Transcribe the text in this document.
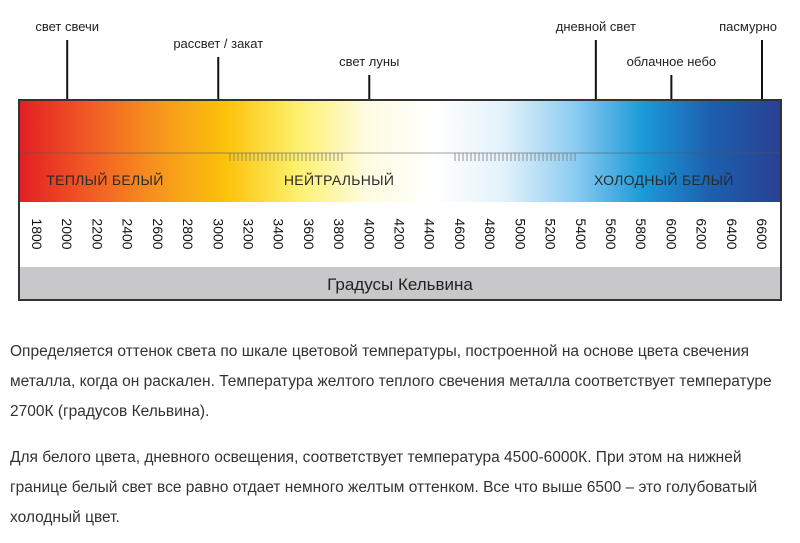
свет свечи
рассвет / закат
свет луны
дневной свет
облачное небо
пасмурно
ТЕПЛЫЙ БЕЛЫЙ	НЕЙТРАЛЬНЫЙ	ХОЛОДНЫЙ БЕЛЫЙ
1800 2000 2200 2400 2600 2800 3000 3200 3400 3600 3800 4000 4200 4400 4600 4800 5000 5200 5400 5600 5800 6000 6200 6400 6600
Градусы Кельвина

Определяется оттенок света по шкале цветовой температуры, построенной на основе цвета свечения металла, когда он раскален. Температура желтого теплого свечения металла соответствует температуре 2700К (градусов Кельвина).

Для белого цвета, дневного освещения, соответствует температура 4500-6000К. При этом на нижней границе белый свет все равно отдает немного желтым оттенком. Все что выше 6500 – это голубоватый холодный цвет.
